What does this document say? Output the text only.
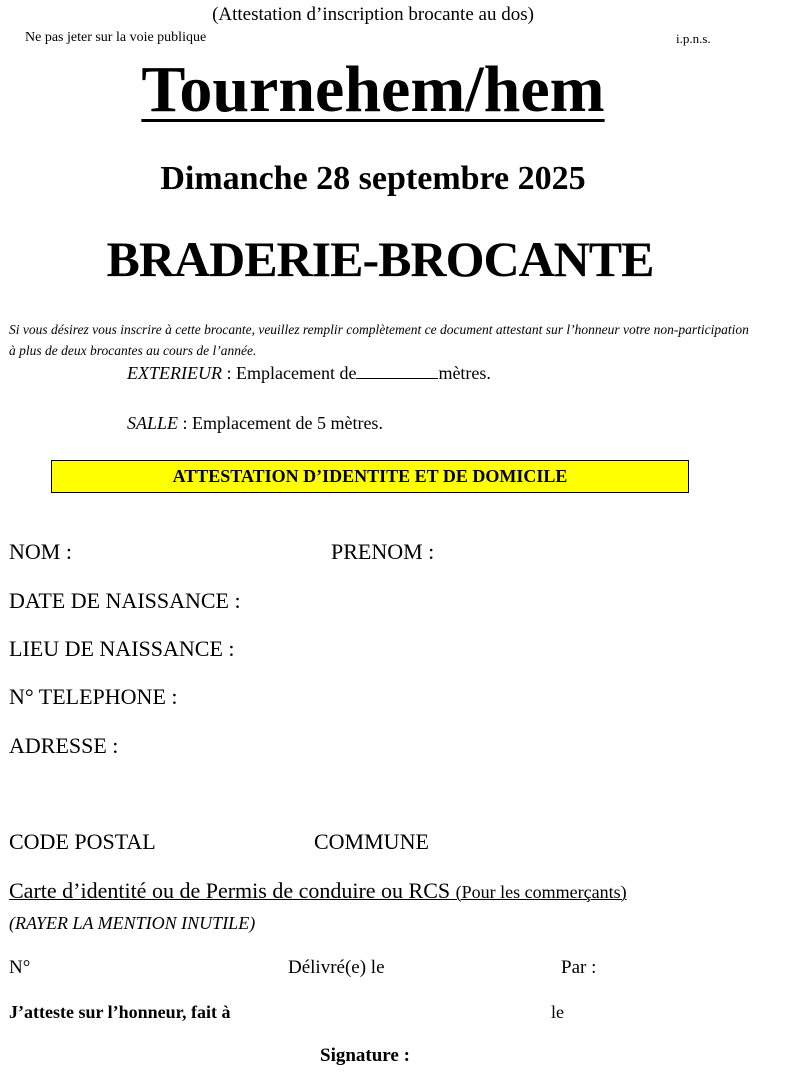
(Attestation d’inscription brocante au dos)
Ne pas jeter sur la voie publique	i.p.n.s.
Tournehem/hem
Dimanche 28 septembre 2025
BRADERIE-BROCANTE
Si vous désirez vous inscrire à cette brocante, veuillez remplir complètement ce document attestant sur l’honneur votre non-participation à plus de deux brocantes au cours de l’année.
EXTERIEUR : Emplacement de	mètres.
SALLE : Emplacement de 5 mètres.
ATTESTATION D’IDENTITE ET DE DOMICILE
NOM :	PRENOM :
DATE DE NAISSANCE :
LIEU DE NAISSANCE :
N° TELEPHONE :
ADRESSE :
CODE POSTAL	COMMUNE
Carte d’identité ou de Permis de conduire ou RCS (Pour les commerçants)
(RAYER LA MENTION INUTILE)
N°	Délivré(e) le	Par :
J’atteste sur l’honneur, fait à	le
Signature :
